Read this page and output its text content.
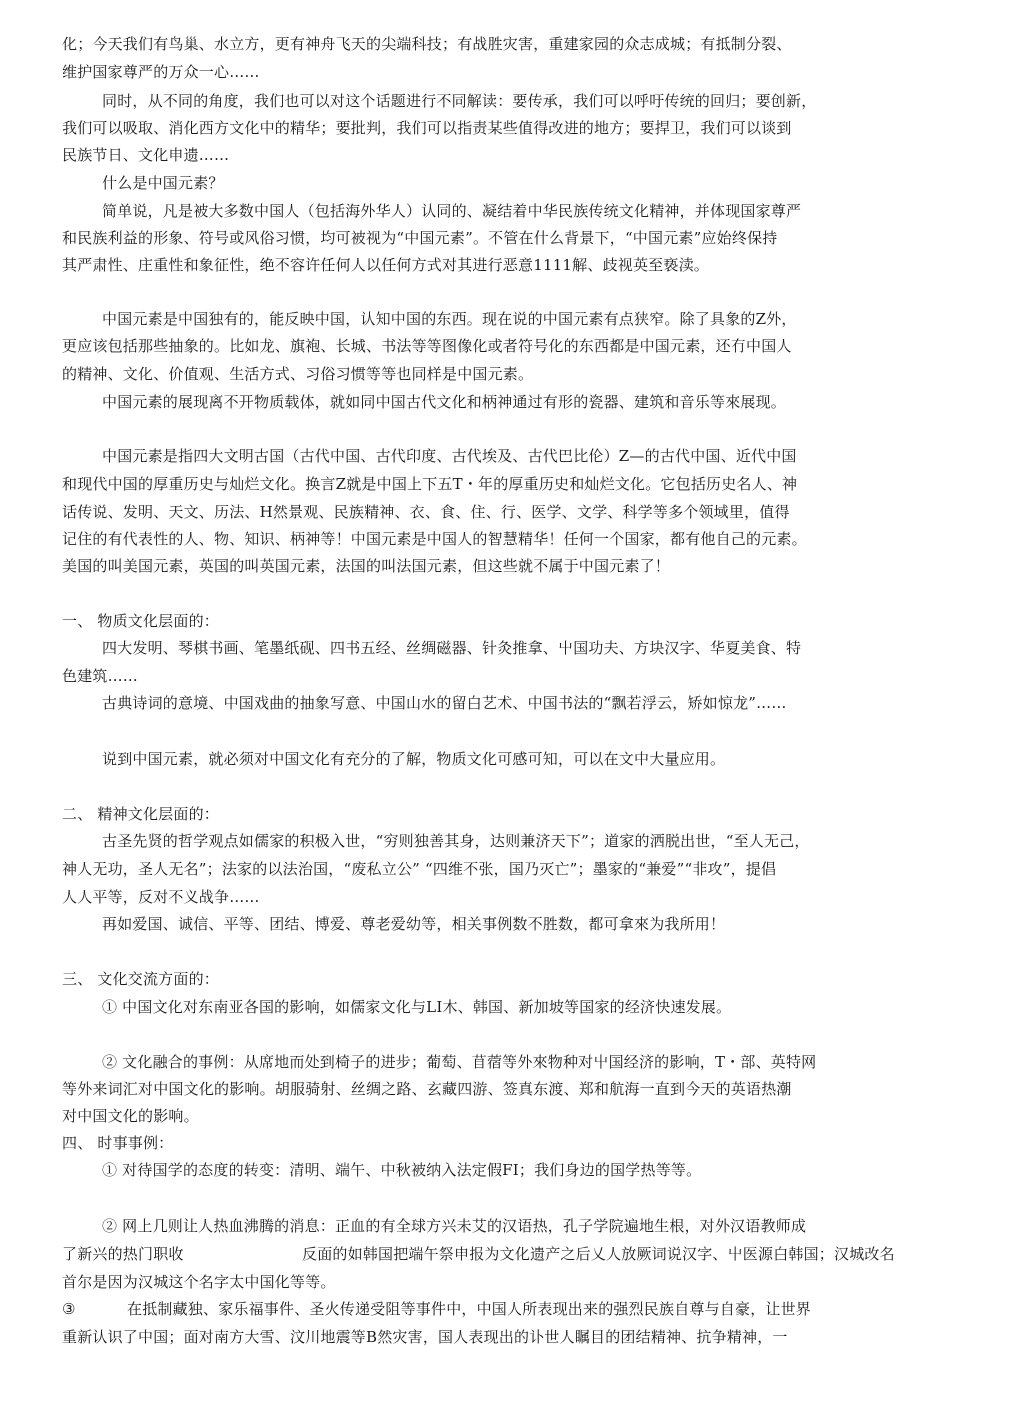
化；今天我们有鸟巢、水立方，更有神舟飞天的尖端科技；有战胜灾害，重建家园的众志成城；有抵制分裂、
维护国家尊严的万众一心……
同时，从不同的角度，我们也可以对这个话题进行不同解读：要传承，我们可以呼吁传统的回归；要创新，
我们可以吸取、消化西方文化中的精华；要批判，我们可以指责某些值得改进的地方；要捍卫，我们可以谈到
民族节日、文化申遗……
什么是中国元素？
简单说，凡是被大多数中国人（包括海外华人）认同的、凝结着中华民族传统文化精神，并体现国家尊严
和民族利益的形象、符号或风俗习惯，均可被视为“中国元素”。不管在什么背景下，“中国元素”应始终保持
其严肃性、庄重性和象征性，绝不容许任何人以任何方式对其进行恶意1111解、歧视英至亵渎。
中国元素是中国独有的，能反映中国，认知中国的东西。现在说的中国元素有点狭窄。除了具象的Z外，
更应该包括那些抽象的。比如龙、旗袍、长城、书法等等图像化或者符号化的东西都是中国元素，还冇中国人
的精神、文化、价值观、生活方式、习俗习惯等等也同样是中国元素。
中国元素的展现离不开物质载体，就如同中国古代文化和柄神通过有形的瓷器、建筑和音乐等來展现。
中国元素是指四大文明古国（古代中国、古代印度、古代埃及、古代巴比伦）Z—的古代中国、近代中国
和现代中国的厚重历史与灿烂文化。换言Z就是中国上下五T・年的厚重历史和灿烂文化。它包括历史名人、神
话传说、发明、天文、历法、H然景观、民族精神、衣、食、住、行、医学、文学、科学等多个领域里，值得
记住的有代表性的人、物、知识、柄神等！中国元素是中国人的智慧精华！任何一个国家，都有他自己的元素。
美国的叫美国元素，英国的叫英国元素，法国的叫法国元素，但这些就不属于中国元素了！
一、 物质文化层面的：
四大发明、琴棋书画、笔墨纸砚、四书五经、丝绸磁器、针灸推拿、屮国功夫、方块汉字、华夏美食、特
色建筑……
古典诗词的意境、中国戏曲的抽象写意、中国山水的留白艺术、中国书法的“飘若浮云，矫如惊龙”……
说到中国元素，就必须对中国文化有充分的了解，物质文化可感可知，可以在文中大量应用。
二、 精神文化层面的：
古圣先贤的哲学观点如儒家的积极入世，“穷则独善其身，达则兼济天下”；道家的洒脱出世，“至人无己，
神人无功，圣人无名”；法家的以法治国，“废私立公” “四维不张，国乃灭亡”；墨家的“兼爱”“非攻”，提倡
人人平等，反对不义战争……
再如爱国、诚信、平等、团结、博爱、尊老爱幼等，相关事例数不胜数，都可拿來为我所用！
三、 文化交流方面的：
① 中国文化对东南亚各国的影响，如儒家文化与LI木、韩国、新加坡等国家的经济快速发展。
② 文化融合的事例：从席地而处到椅子的进步；葡萄、苜蓿等外來物种对屮国经济的影响，T・部、英特网
等外来词汇对中国文化的影响。胡服骑射、丝绸之路、玄藏四游、签真东渡、郑和航海一直到今天的英语热潮
对中国文化的影响。
四、 时事事例：
① 对待国学的态度的转变：清明、端午、中秋被纳入法定假FI；我们身边的国学热等等。
② 网上几则让人热血沸腾的消息：正血的有全球方兴未艾的汉语热，孔子学院遍地生根，对外汉语教师成
了新兴的热门职收	反面的如韩国把端午祭申报为文化遗产之后乂人放厥词说汉字、屮医源白韩国；汉城改名
首尔是因为汉城这个名字太中国化等等。
③	在抵制藏独、家乐福事件、圣火传递受阻等事件中，中国人所表现出来的强烈民族自尊与自豪，让世界
重新认识了中国；面对南方大雪、汶川地震等B然灾害，国人表现出的讣世人瞩目的团结精神、抗争精神，一
